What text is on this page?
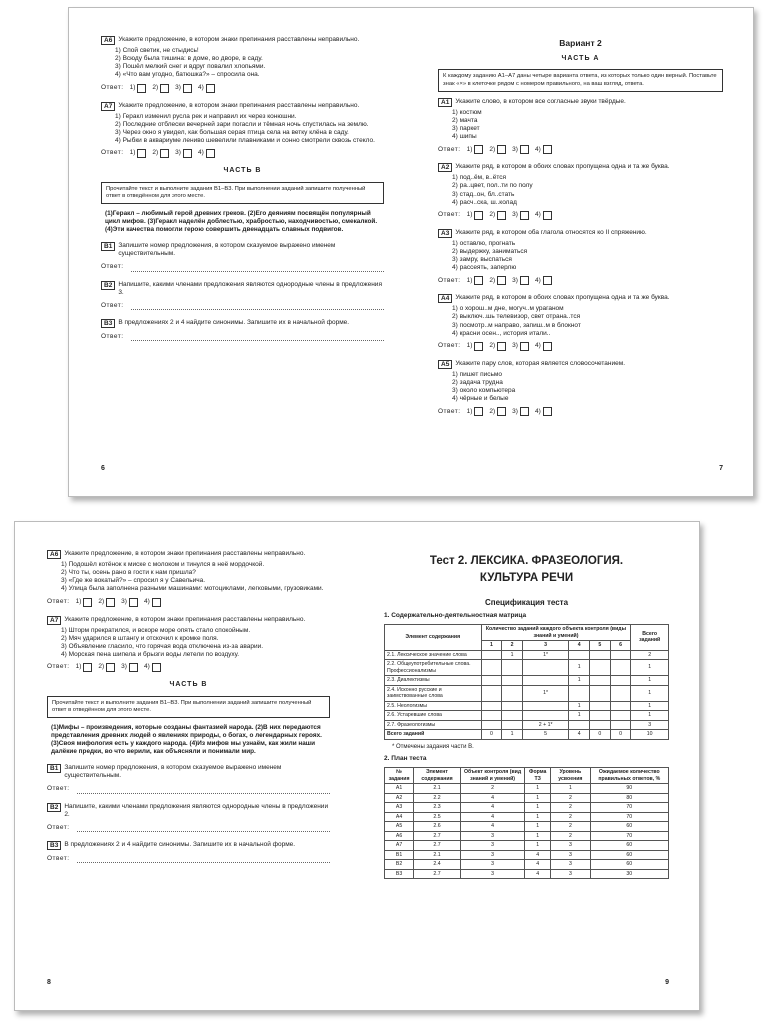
А6 Укажите предложение, в котором знаки препинания расставлены неправильно.
1) Спой светик, не стыдись!
2) Всюду была тишина: в доме, во дворе, в саду.
3) Пошёл мелкий снег и вдруг повалил хлопьями.
4) «Что вам угодно, батюшка?» – спросила она.
Ответ: 1)	2)	3)	4)
А7 Укажите предложение, в котором знаки препинания расставлены неправильно.
1) Геракл изменил русла рек и направил их через конюшни.
2) Последние отблески вечерней зари погасли и тёмная ночь спустилась на землю.
3) Через окно я увидел, как большая серая птица села на ветку клёна в саду.
4) Рыбки в аквариуме лениво шевелили плавниками и сонно смотрели сквозь стекло.
Ответ: 1)	2)	3)	4)
ЧАСТЬ В
Прочитайте текст и выполните задания В1–В3. При выполнении заданий запишите полученный ответ в отведённом для этого месте.
(1)Геракл – любимый герой древних греков. (2)Его деяниям посвящён популярный цикл мифов. (3)Геракл наделён доблестью, храбростью, находчивостью, смекалкой. (4)Эти качества помогли герою совершить двенадцать славных подвигов.
В1 Запишите номер предложения, в котором сказуемое выражено именем существительным.
Ответ:
В2 Напишите, какими членами предложения являются однородные члены в предложения 3.
Ответ:
В3 В предложениях 2 и 4 найдите синонимы. Запишите их в начальной форме.
Ответ:
6
Вариант 2
ЧАСТЬ А
К каждому заданию А1–А7 даны четыре варианта ответа, из которых только один верный. Поставьте знак «×» в клеточке рядом с номером правильного, на ваш взгляд, ответа.
А1 Укажите слово, в котором все согласные звуки твёрдые.
1) костюм
2) мачта
3) паркет
4) шипы
Ответ: 1)	2)	3)	4)
А2 Укажите ряд, в котором в обоих словах пропущена одна и та же буква.
1) под..ём, в..ётся
2) ра..цвет, пол..ти по полу
3) стад..он, бл..стать
4) расч..ска, ш..колад
Ответ: 1)	2)	3)	4)
А3 Укажите ряд, в котором оба глагола относятся ко II спряжению.
1) оставлю, прогнать
2) выдержку, заниматься
3) замру, выспаться
4) рассеять, заперлю
Ответ: 1)	2)	3)	4)
А4 Укажите ряд, в котором в обоих словах пропущена одна и та же буква.
1) о хорош..м дне, могуч..м ураганом
2) выключ..шь телевизор, свет отрана..тся
3) посмотр..м направо, запиш..м в блокнот
4) красни осен.., история итали..
Ответ: 1)	2)	3)	4)
А5 Укажите пару слов, которая является словосочетанием.
1) пишет письмо
2) задача трудна
3) около компьютера
4) чёрные и белые
Ответ: 1)	2)	3)	4)
7
А6 Укажите предложение, в котором знаки препинания расставлены неправильно.
1) Подошёл котёнок к миске с молоком и тинулся в неё мордочкой.
2) Что ты, осень рано в гости к нам пришла?
3) «Где же вокатый?» – спросил я у Савельича.
4) Улица была заполнена разными машинами: мотоциклами, легковыми, грузовиками.
Ответ: 1)	2)	3)	4)
А7 Укажите предложение, в котором знаки препинания расставлены неправильно.
1) Шторм прекратился, и вскоре море опять стало спокойным.
2) Мяч ударился в штангу и отскочил к кромке поля.
3) Объявление гласило, что горячая вода отключена из-за аварии.
4) Морская пена шипела и брызги воды летели по воздуху.
Ответ: 1)	2)	3)	4)
ЧАСТЬ В
Прочитайте текст и выполните задания В1–В3. При выполнении заданий запишите полученный ответ в отведённом для этого месте.
(1)Мифы – произведения, которые созданы фантазией народа. (2)В них передаются представления древних людей о явлениях природы, о богах, о легендарных героях. (3)Своя мифология есть у каждого народа. (4)Из мифов мы узнаём, как жили наши далёкие предки, во что верили, как объясняли и понимали мир.
В1 Запишите номер предложения, в котором сказуемое выражено именем существительным.
Ответ:
В2 Напишите, какими членами предложения являются однородные члены в предложении 2.
Ответ:
В3 В предложениях 2 и 4 найдите синонимы. Запишите их в начальной форме.
Ответ:
8
Тест 2. ЛЕКСИКА. ФРАЗЕОЛОГИЯ.
КУЛЬТУРА РЕЧИ
Спецификация теста
1. Содержательно-деятельностная матрица
Элемент содержания	Количество заданий каждого объекта контроля (виды знаний и умений)						Всего заданий
	1	2	3	4	5	6	
2.1. Лексическое значение слова		1	1*				2
2.2. Общеупотребительные слова. Профессионализмы				1			1
2.3. Диалектизмы				1			1
2.4. Исконно русские и заимствованные слова			1*				1
2.5. Неологизмы				1			1
2.6. Устаревшие слова				1			1
2.7. Фразеологизмы			2 + 1*				3
Всего заданий	0	1	5	4	0	0	10
* Отмечены задания части В.
2. План теста
№ задания	Элемент содержания	Объект контроля (вид знаний и умений)	Форма ТЗ	Уровень усвоения	Ожидаемое количество правильных ответов, %
А1	2.1	2	1	1	90
А2	2.2	4	1	2	80
А3	2.3	4	1	2	70
А4	2.5	4	1	2	70
А5	2.6	4	1	2	60
А6	2.7	3	1	2	70
А7	2.7	3	1	3	60
В1	2.1	3	4	3	60
В2	2.4	3	4	3	60
В3	2.7	3	4	3	30
9
